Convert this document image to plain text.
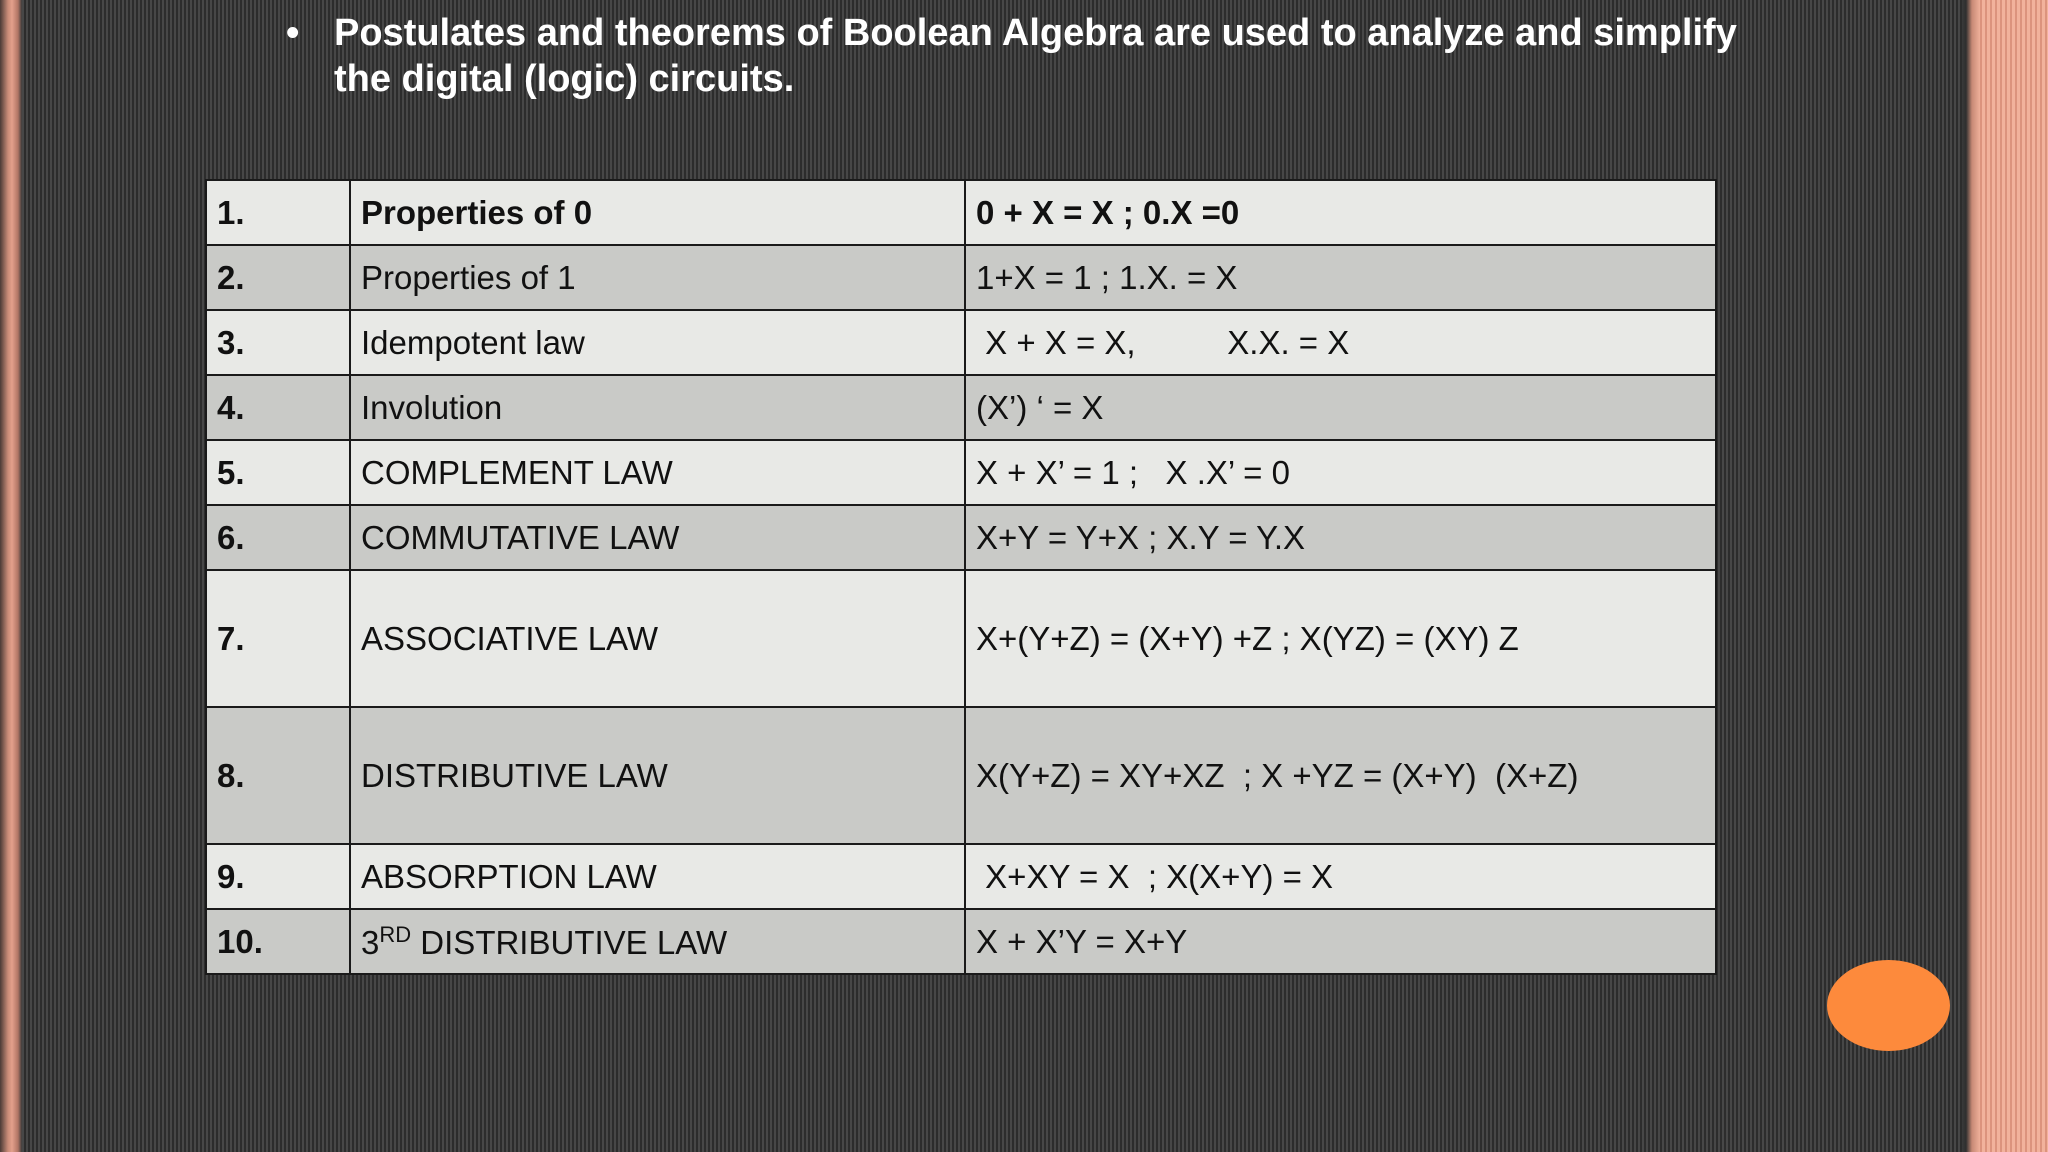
• Postulates and theorems of Boolean Algebra are used to analyze and simplify the digital (logic) circuits.
1.	Properties of 0	0 + X = X ; 0.X =0
2.	Properties of 1	1+X = 1 ; 1.X. = X
3.	Idempotent law	X + X = X,          X.X. = X
4.	Involution	(X’) ‘ = X
5.	COMPLEMENT LAW	X + X’ = 1 ;   X .X’ = 0
6.	COMMUTATIVE LAW	X+Y = Y+X ; X.Y = Y.X
7.	ASSOCIATIVE LAW	X+(Y+Z) = (X+Y) +Z ; X(YZ) = (XY) Z
8.	DISTRIBUTIVE LAW	X(Y+Z) = XY+XZ  ; X +YZ = (X+Y)  (X+Z)
9.	ABSORPTION LAW	X+XY = X  ; X(X+Y) = X
10.	3RD DISTRIBUTIVE LAW	X + X’Y = X+Y
